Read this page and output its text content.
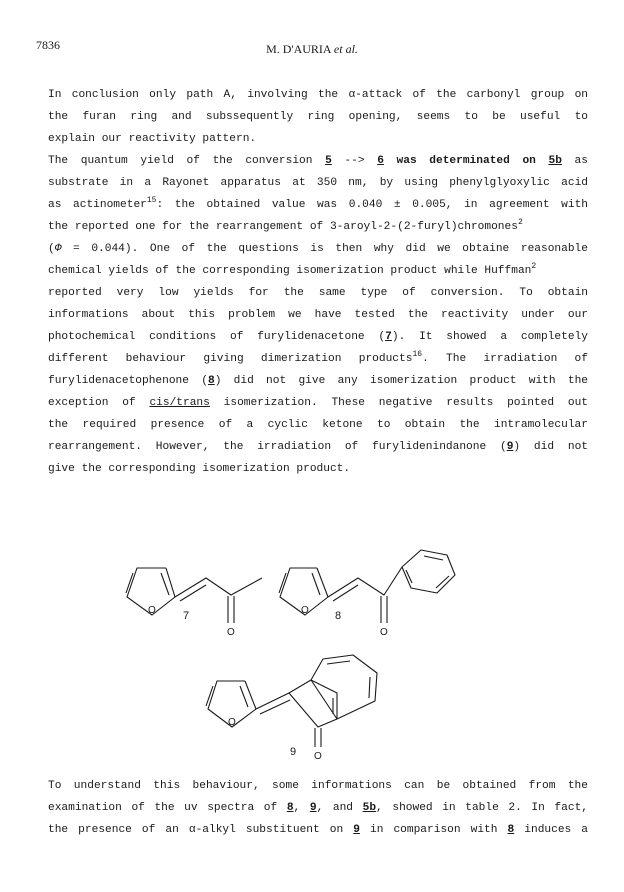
7836	M. D'AURIA et al.
In conclusion only path A, involving the α-attack of the carbonyl group on
the furan ring and subssequently ring opening, seems to be useful to
explain our reactivity pattern.
The quantum yield of the conversion 5 --> 6 was determinated on 5b as
substrate in a Rayonet apparatus at 350 nm, by using phenylglyoxylic acid
as actinometer$^{15}$: the obtained value was 0.040 ± 0.005, in agreement with
the reported one for the rearrangement of 3-aroyl-2-(2-furyl)chromones$^2$
(Φ = 0.044). One of the questions is then why did we obtaine reasonable
chemical yields of the corresponding isomerization product while Huffman$^2$
reported very low yields for the same type of conversion. To obtain
informations about this problem we have tested the reactivity under our
photochemical conditions of furylidenacetone (7). It showed a completely
different behaviour giving dimerization products$^{16}$. The irradiation of
furylidenacetophenone (8) did not give any isomerization product with the
exception of cis/trans isomerization. These negative results pointed out
the required presence of a cyclic ketone to obtain the intramolecular
rearrangement. However, the irradiation of furylidenindanone (9) did not
give the corresponding isomerization product.
O
O
7	O
O
8
O
O
9
To understand this behaviour, some informations can be obtained from the
examination of the uv spectra of 8, 9, and 5b, showed in table 2. In fact,
the presence of an α-alkyl substituent on 9 in comparison with 8 induces a
